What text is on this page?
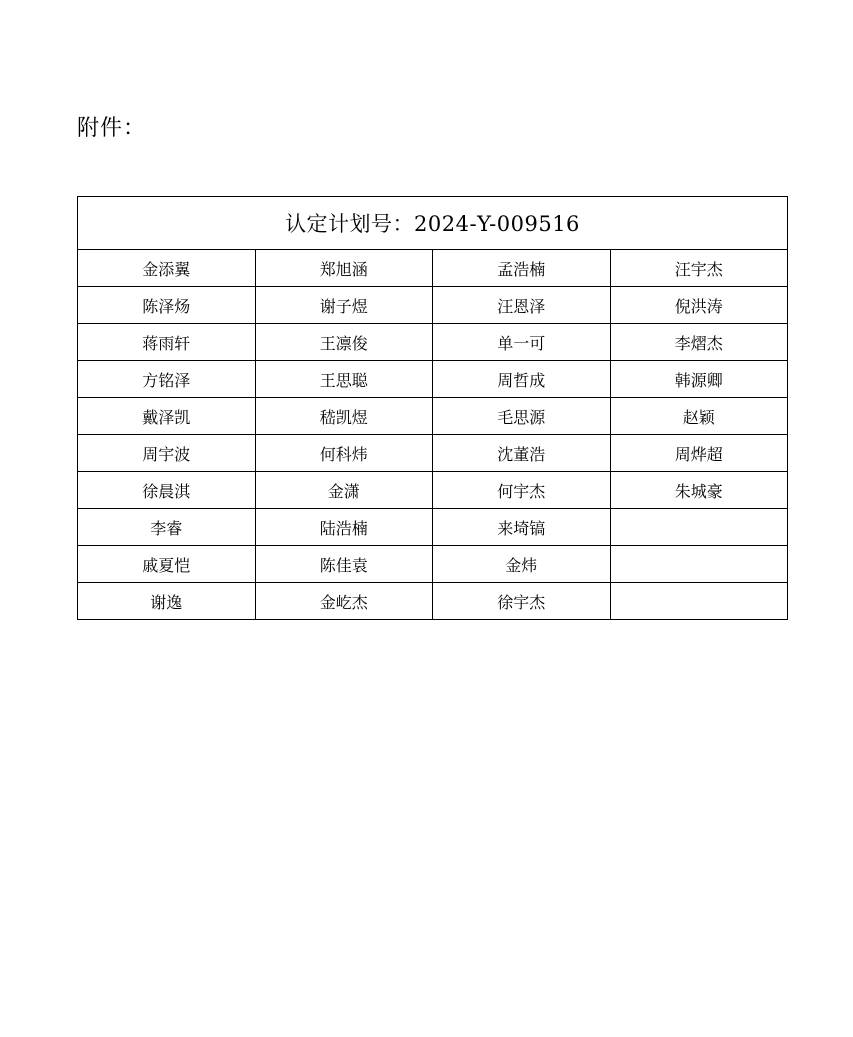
附件：
认定计划号：2024-Y-009516			
金添翼	郑旭涵	孟浩楠	汪宇杰
陈泽炀	谢子煜	汪恩泽	倪洪涛
蒋雨轩	王凛俊	单一可	李熠杰
方铭泽	王思聪	周哲成	韩源卿
戴泽凯	嵇凯煜	毛思源	赵颖
周宇波	何科炜	沈董浩	周烨超
徐晨淇	金潇	何宇杰	朱城豪
李睿	陆浩楠	来埼镐	
戚夏恺	陈佳袁	金炜	
谢逸	金屹杰	徐宇杰	
